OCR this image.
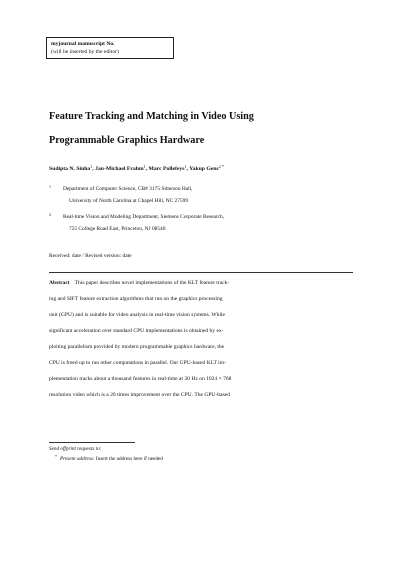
myjournal manuscript No.
(will be inserted by the editor)
Feature Tracking and Matching in Video Using
Programmable Graphics Hardware
Sudipta N. Sinha$^1$, Jan-Michael Frahm$^1$, Marc Pollefeys$^1$, Yakup Genc$^{2 *}$
1 Department of Computer Science, CB# 3175 Sitterson Hall,
University of North Carolina at Chapel Hill, NC 27599
2 Real-time Vision and Modeling Department, Siemens Corporate Research,
755 College Road East, Princeton, NJ 08540
Received: date / Revised version: date
Abstract This paper describes novel implementations of the KLT feature track-
ing and SIFT feature extraction algorithms that run on the graphics processing
unit (GPU) and is suitable for video analysis in real-time vision systems. While
significant acceleration over standard CPU implementations is obtained by ex-
ploiting parallelism provided by modern programmable graphics hardware, the
CPU is freed up to run other computations in parallel. Our GPU-based KLT im-
plementation tracks about a thousand features in real-time at 30 Hz on 1024 × 768
resolution video which is a 20 times improvement over the CPU. The GPU-based
Send offprint requests to:
* Present address: Insert the address here if needed
